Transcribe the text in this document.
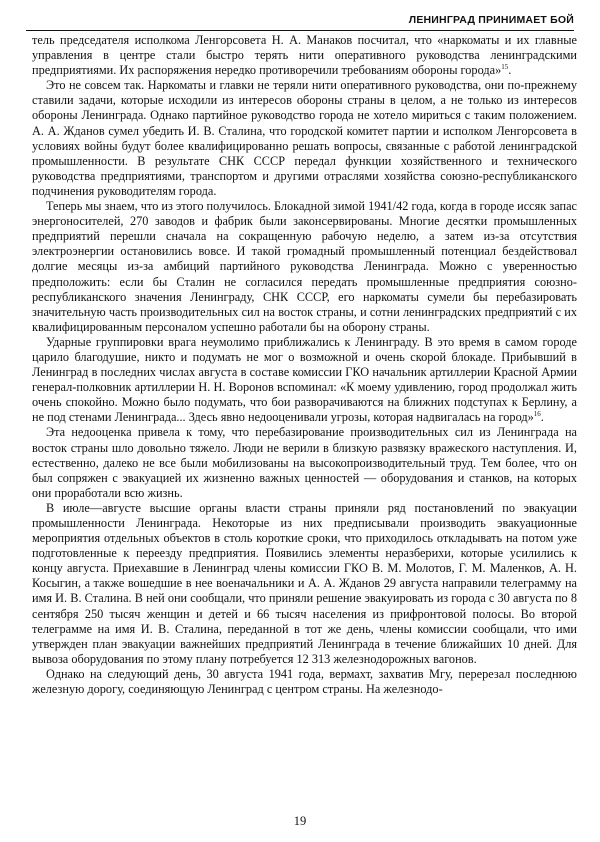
ЛЕНИНГРАД ПРИНИМАЕТ БОЙ

тель председателя исполкома Ленгорсовета Н. А. Манаков посчитал, что «наркоматы и их главные управления в центре стали быстро терять нити оперативного руководства ленинградскими предприятиями. Их распоряжения нередко противоречили требованиям обороны города»$^{15}$.

Это не совсем так. Наркоматы и главки не теряли нити оперативного руководства, они по-прежнему ставили задачи, которые исходили из интересов обороны страны в целом, а не только из интересов обороны Ленинграда. Однако партийное руководство города не хотело мириться с таким положением. А. А. Жданов сумел убедить И. В. Сталина, что городской комитет партии и исполком Ленгорсовета в условиях войны будут более квалифицированно решать вопросы, связанные с работой ленинградской промышленности. В результате СНК СССР передал функции хозяйственного и технического руководства предприятиями, транспортом и другими отраслями хозяйства союзно-республиканского подчинения руководителям города.

Теперь мы знаем, что из этого получилось. Блокадной зимой 1941/42 года, когда в городе иссяк запас энергоносителей, 270 заводов и фабрик были законсервированы. Многие десятки промышленных предприятий перешли сначала на сокращенную рабочую неделю, а затем из-за отсутствия электроэнергии остановились вовсе. И такой громадный промышленный потенциал бездействовал долгие месяцы из-за амбиций партийного руководства Ленинграда. Можно с уверенностью предположить: если бы Сталин не согласился передать промышленные предприятия союзно-республиканского значения Ленинграду, СНК СССР, его наркоматы сумели бы перебазировать значительную часть производительных сил на восток страны, и сотни ленинградских предприятий с их квалифицированным персоналом успешно работали бы на оборону страны.

Ударные группировки врага неумолимо приближались к Ленинграду. В это время в самом городе царило благодушие, никто и подумать не мог о возможной и очень скорой блокаде. Прибывший в Ленинград в последних числах августа в составе комиссии ГКО начальник артиллерии Красной Армии генерал-полковник артиллерии Н. Н. Воронов вспоминал: «К моему удивлению, город продолжал жить очень спокойно. Можно было подумать, что бои разворачиваются на ближних подступах к Берлину, а не под стенами Ленинграда... Здесь явно недооценивали угрозы, которая надвигалась на город»$^{16}$.

Эта недооценка привела к тому, что перебазирование производительных сил из Ленинграда на восток страны шло довольно тяжело. Люди не верили в близкую развязку вражеского наступления. И, естественно, далеко не все были мобилизованы на высокопроизводительный труд. Тем более, что он был сопряжен с эвакуацией их жизненно важных ценностей — оборудования и станков, на которых они проработали всю жизнь.

В июле—августе высшие органы власти страны приняли ряд постановлений по эвакуации промышленности Ленинграда. Некоторые из них предписывали производить эвакуационные мероприятия отдельных объектов в столь короткие сроки, что приходилось откладывать на потом уже подготовленные к переезду предприятия. Появились элементы неразберихи, которые усилились к концу августа. Приехавшие в Ленинград члены комиссии ГКО В. М. Молотов, Г. М. Маленков, А. Н. Косыгин, а также вошедшие в нее военачальники и А. А. Жданов 29 августа направили телеграмму на имя И. В. Сталина. В ней они сообщали, что приняли решение эвакуировать из города с 30 августа по 8 сентября 250 тысяч женщин и детей и 66 тысяч населения из прифронтовой полосы. Во второй телеграмме на имя И. В. Сталина, переданной в тот же день, члены комиссии сообщали, что ими утвержден план эвакуации важнейших предприятий Ленинграда в течение ближайших 10 дней. Для вывоза оборудования по этому плану потребуется 12 313 железнодорожных вагонов.

Однако на следующий день, 30 августа 1941 года, вермахт, захватив Мгу, перерезал последнюю железную дорогу, соединяющую Ленинград с центром страны. На железнодо-

19
